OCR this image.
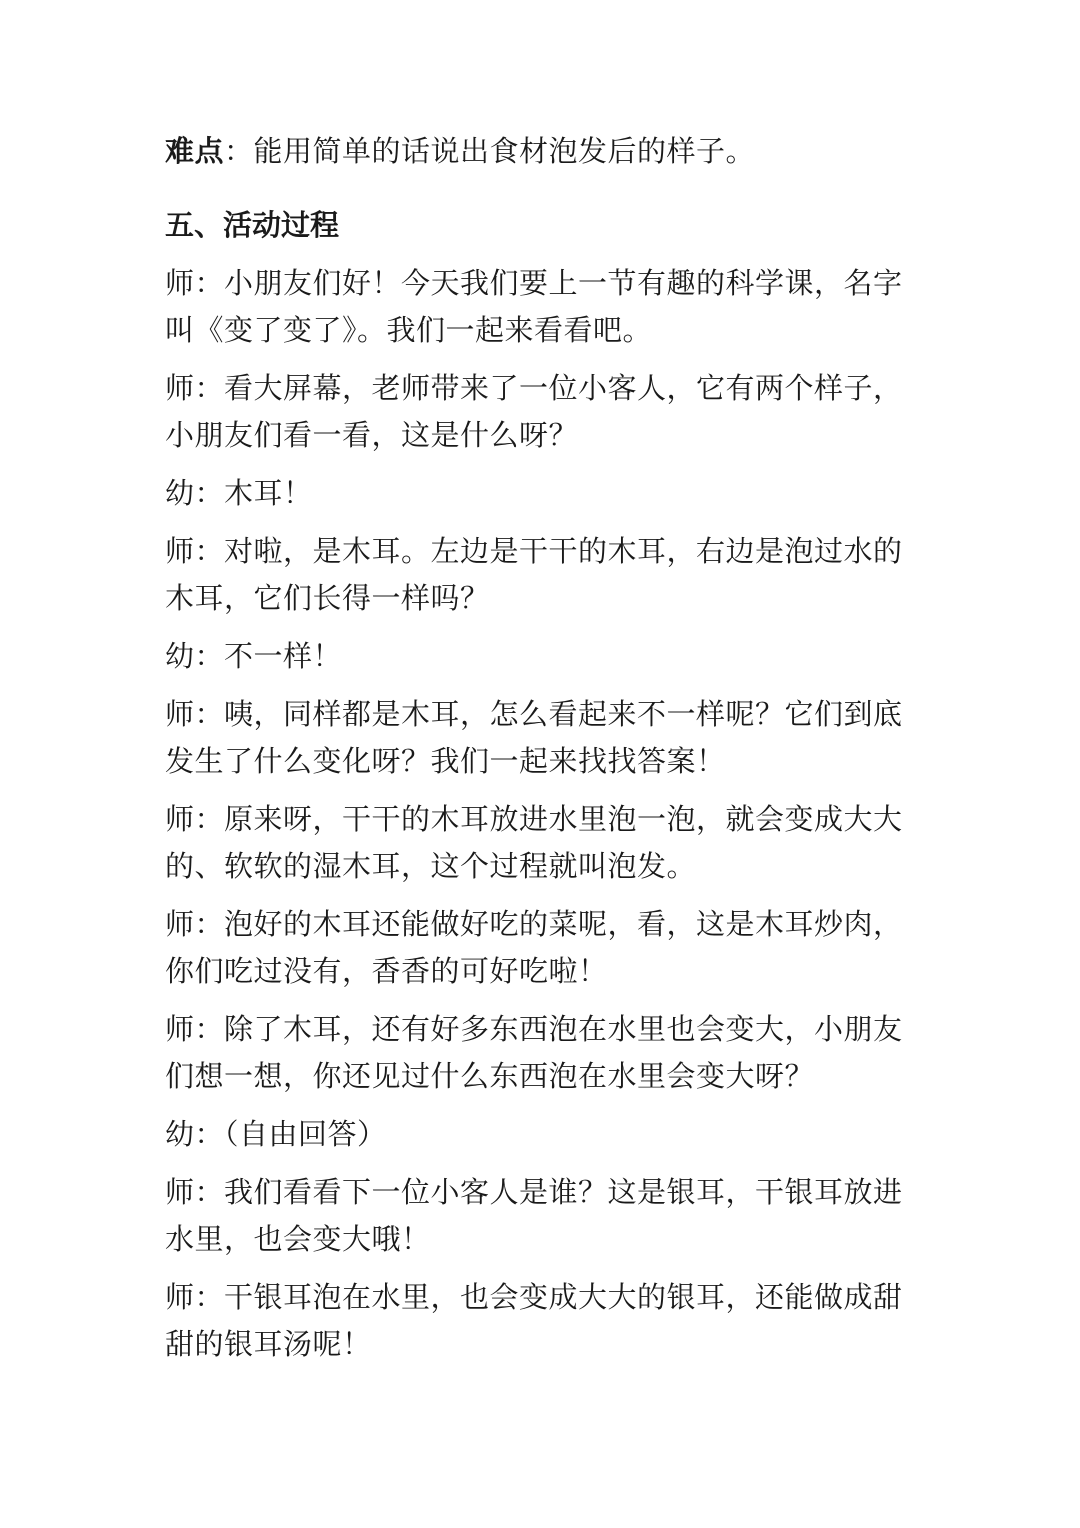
难点：能用简单的话说出食材泡发后的样子。

五、活动过程

师：小朋友们好！今天我们要上一节有趣的科学课，名字

叫《变了变了》。我们一起来看看吧。

师：看大屏幕，老师带来了一位小客人，它有两个样子，

小朋友们看一看，这是什么呀？

幼：木耳！

师：对啦，是木耳。左边是干干的木耳，右边是泡过水的

木耳，它们长得一样吗？

幼：不一样！

师：咦，同样都是木耳，怎么看起来不一样呢？它们到底

发生了什么变化呀？我们一起来找找答案！

师：原来呀，干干的木耳放进水里泡一泡，就会变成大大

的、软软的湿木耳，这个过程就叫泡发。

师：泡好的木耳还能做好吃的菜呢，看，这是木耳炒肉，

你们吃过没有，香香的可好吃啦！

师：除了木耳，还有好多东西泡在水里也会变大，小朋友

们想一想，你还见过什么东西泡在水里会变大呀？

幼：（自由回答）

师：我们看看下一位小客人是谁？这是银耳，干银耳放进

水里，也会变大哦！

师：干银耳泡在水里，也会变成大大的银耳，还能做成甜

甜的银耳汤呢！
